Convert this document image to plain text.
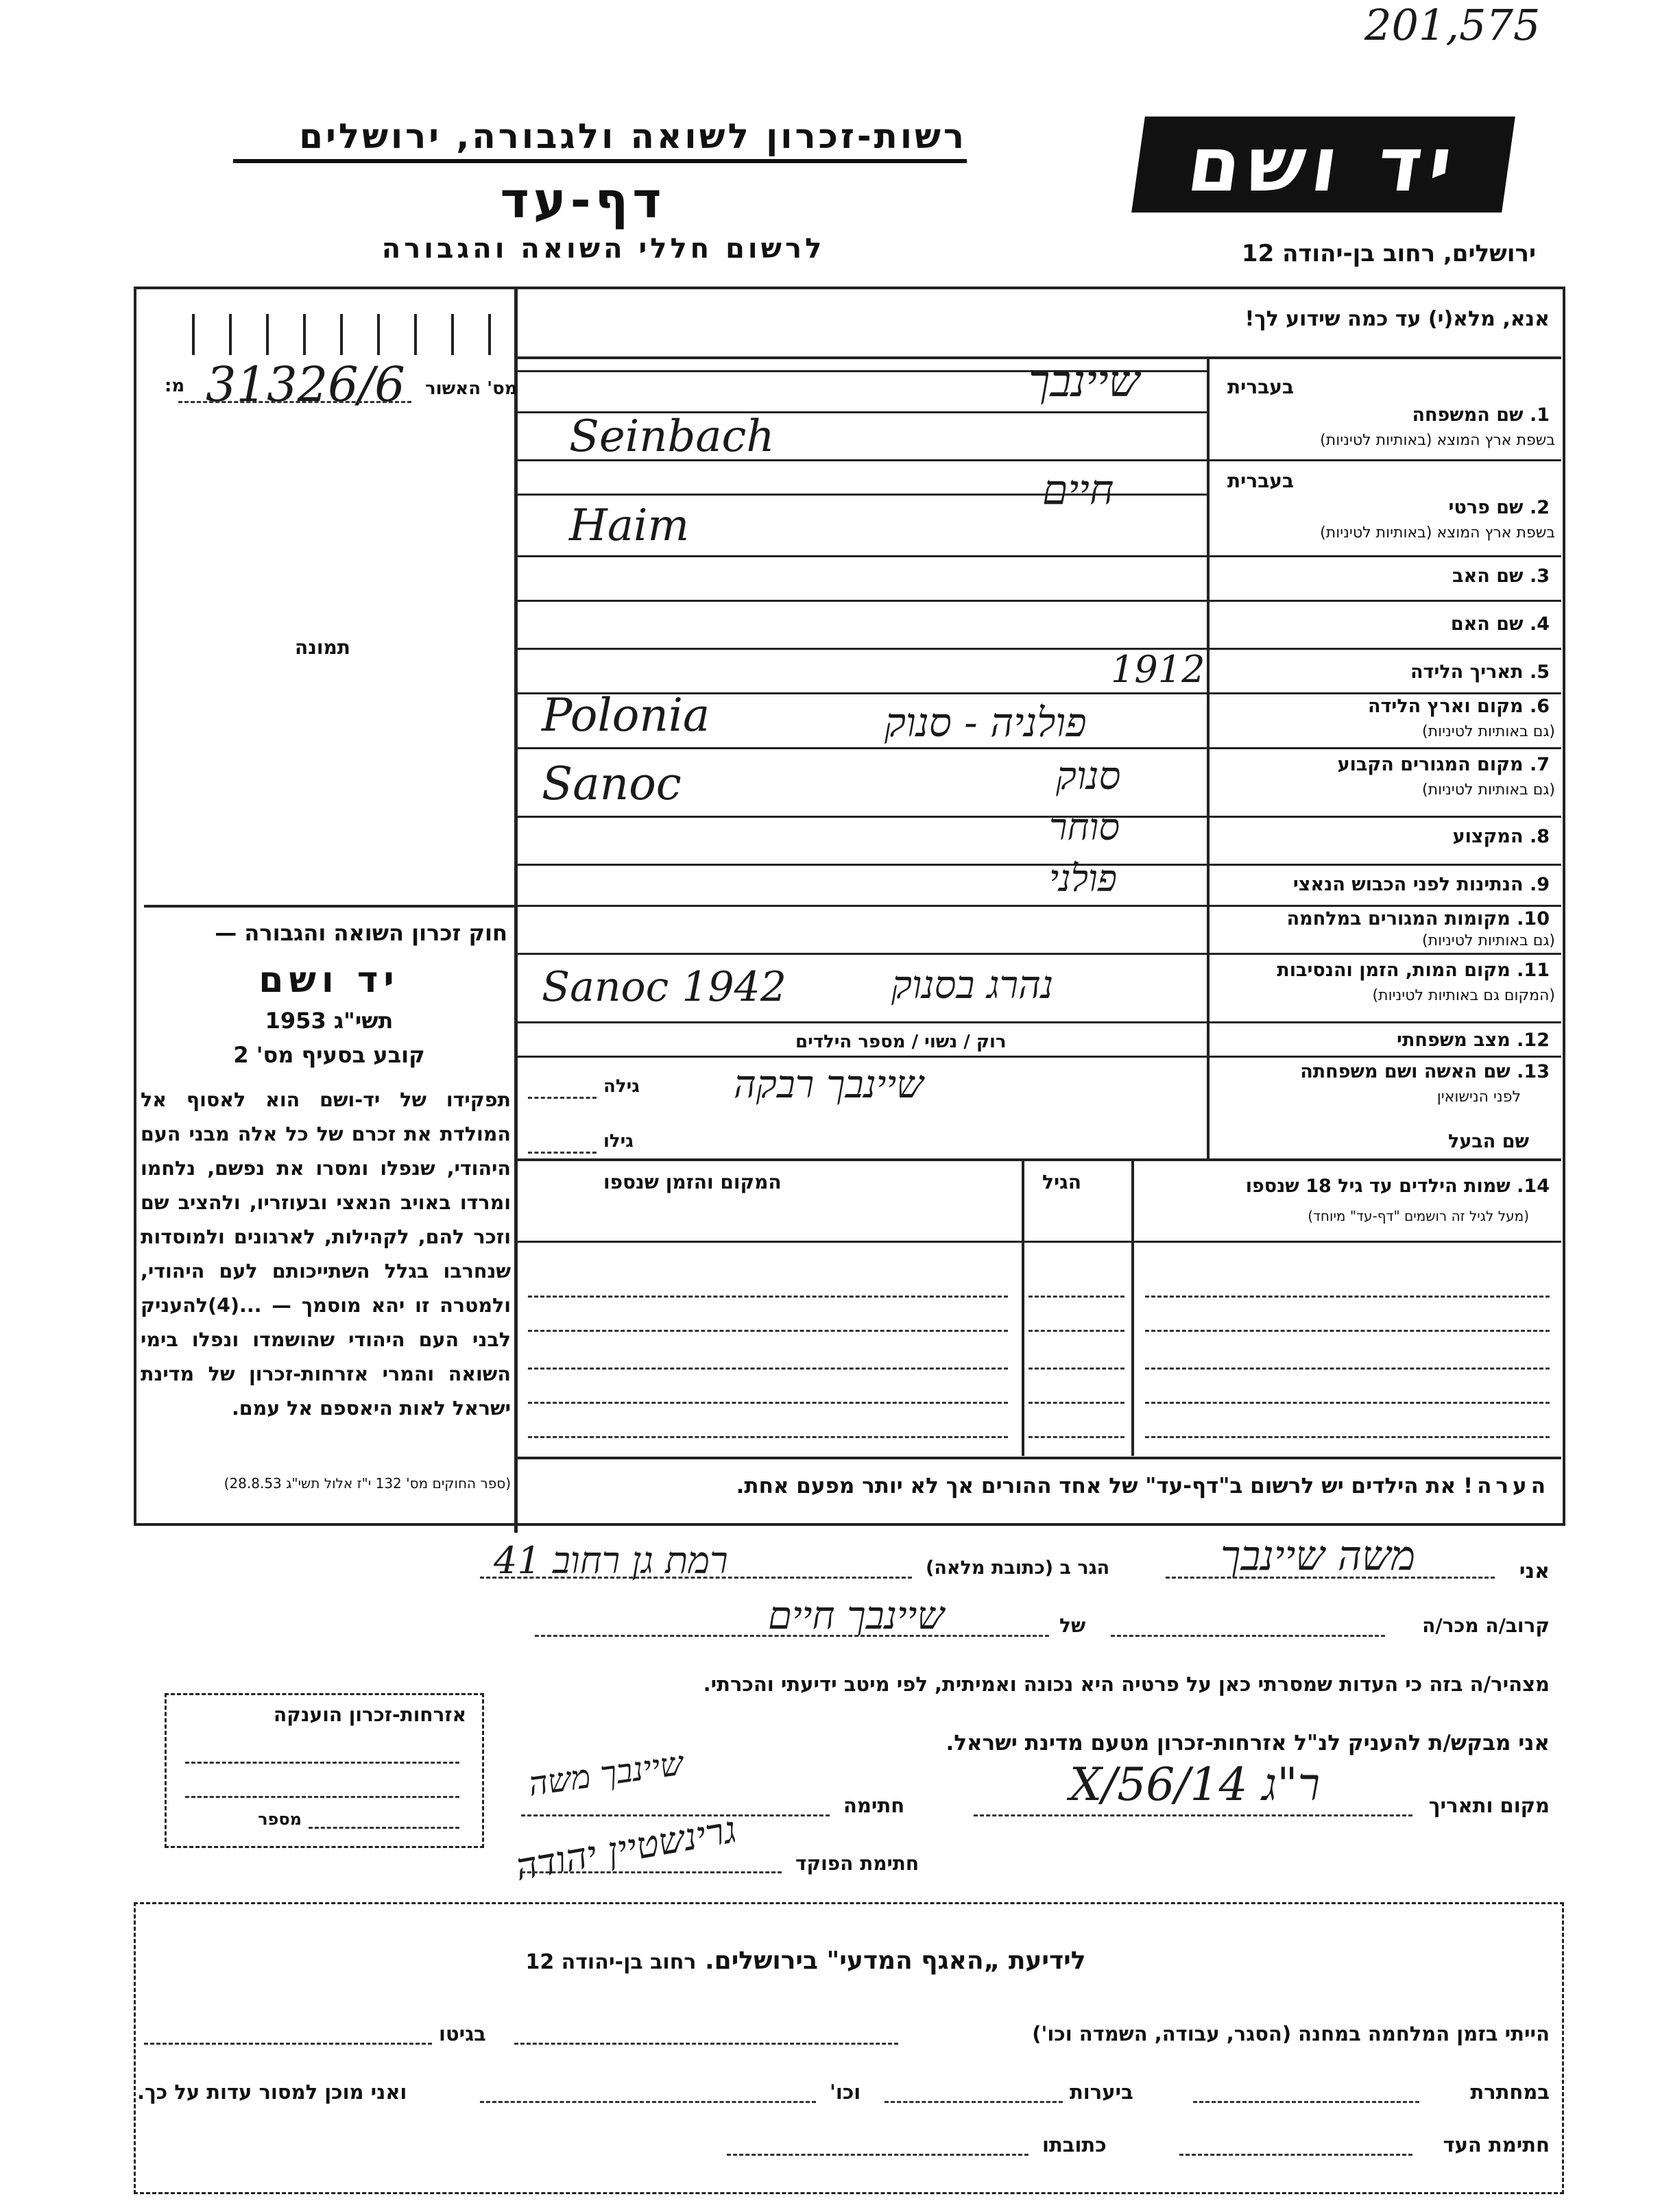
201,575
רשות-זכרון לשואה ולגבורה, ירושלים
דף-עד
לרשום חללי השואה והגבורה
יד ושם
ירושלים, רחוב בן-יהודה 12
אנא, מלא(י) עד כמה שידוע לך!
מס' האשור
מ: 31326/6
תמונה
חוק זכרון השואה והגבורה —
יד ושם
תשי"ג 1953
קובע בסעיף מס' 2
תפקידו של יד-ושם הוא לאסוף אל המולדת את זכרם של כל אלה מבני העם היהודי, שנפלו ומסרו את נפשם, נלחמו ומרדו באויב הנאצי ובעוזריו, ולהציב שם וזכר להם, לקהילות, לארגונים ולמוסדות שנחרבו בגלל השתייכותם לעם היהודי, ולמטרה זו יהא מוסמך — ...(4)להעניק לבני העם היהודי שהושמדו ונפלו בימי השואה והמרי אזרחות-זכרון של מדינת ישראל לאות היאספם אל עמם.
(ספר החוקים מס' 132 י"ז אלול תשי"ג 28.8.53)
בעברית
1. שם המשפחה
בשפת ארץ המוצא (באותיות לטיניות)
שיינבך
Seinbach
בעברית
2. שם פרטי
בשפת ארץ המוצא (באותיות לטיניות)
חיים
Haim
3. שם האב
4. שם האם
5. תאריך הלידה
1912
6. מקום וארץ הלידה
(גם באותיות לטיניות)
פולניה - סנוק
Polonia
7. מקום המגורים הקבוע
(גם באותיות לטיניות)
סנוק
Sanoc
8. המקצוע
סוחר
9. הנתינות לפני הכבוש הנאצי
פולני
10. מקומות המגורים במלחמה
(גם באותיות לטיניות)
11. מקום המות, הזמן והנסיבות
(המקום גם באותיות לטיניות)
נהרג בסנוק
Sanoc 1942
12. מצב משפחתי
רוק / נשוי / מספר הילדים
13. שם האשה ושם משפחתה
לפני הנישואין
שיינבך רבקה
גילה
שם הבעל
גילו
14. שמות הילדים עד גיל 18 שנספו
(מעל לגיל זה רושמים "דף-עד" מיוחד)
הגיל
המקום והזמן שנספו
הערה! את הילדים יש לרשום ב"דף-עד" של אחד ההורים אך לא יותר מפעם אחת.
אני
משה שיינבך
הגר ב (כתובת מלאה)
רמת גן רחוב 41
קרוב/ה מכר/ה
של
שיינבך חיים
מצהיר/ה בזה כי העדות שמסרתי כאן על פרטיה היא נכונה ואמיתית, לפי מיטב ידיעתי והכרתי.
אני מבקש/ת להעניק לנ"ל אזרחות-זכרון מטעם מדינת ישראל.
מקום ותאריך
ר"ג 14/X/56
חתימה
שיינבך משה
חתימת הפוקד
גרינשטיין יהודה
אזרחות-זכרון הוענקה
מספר
לידיעת „האגף המדעי" בירושלים. רחוב בן-יהודה 12
הייתי בזמן המלחמה במחנה (הסגר, עבודה, השמדה וכו')
בגיטו
במחתרת
ביערות
וכו'
ואני מוכן למסור עדות על כך.
חתימת העד
כתובתו
